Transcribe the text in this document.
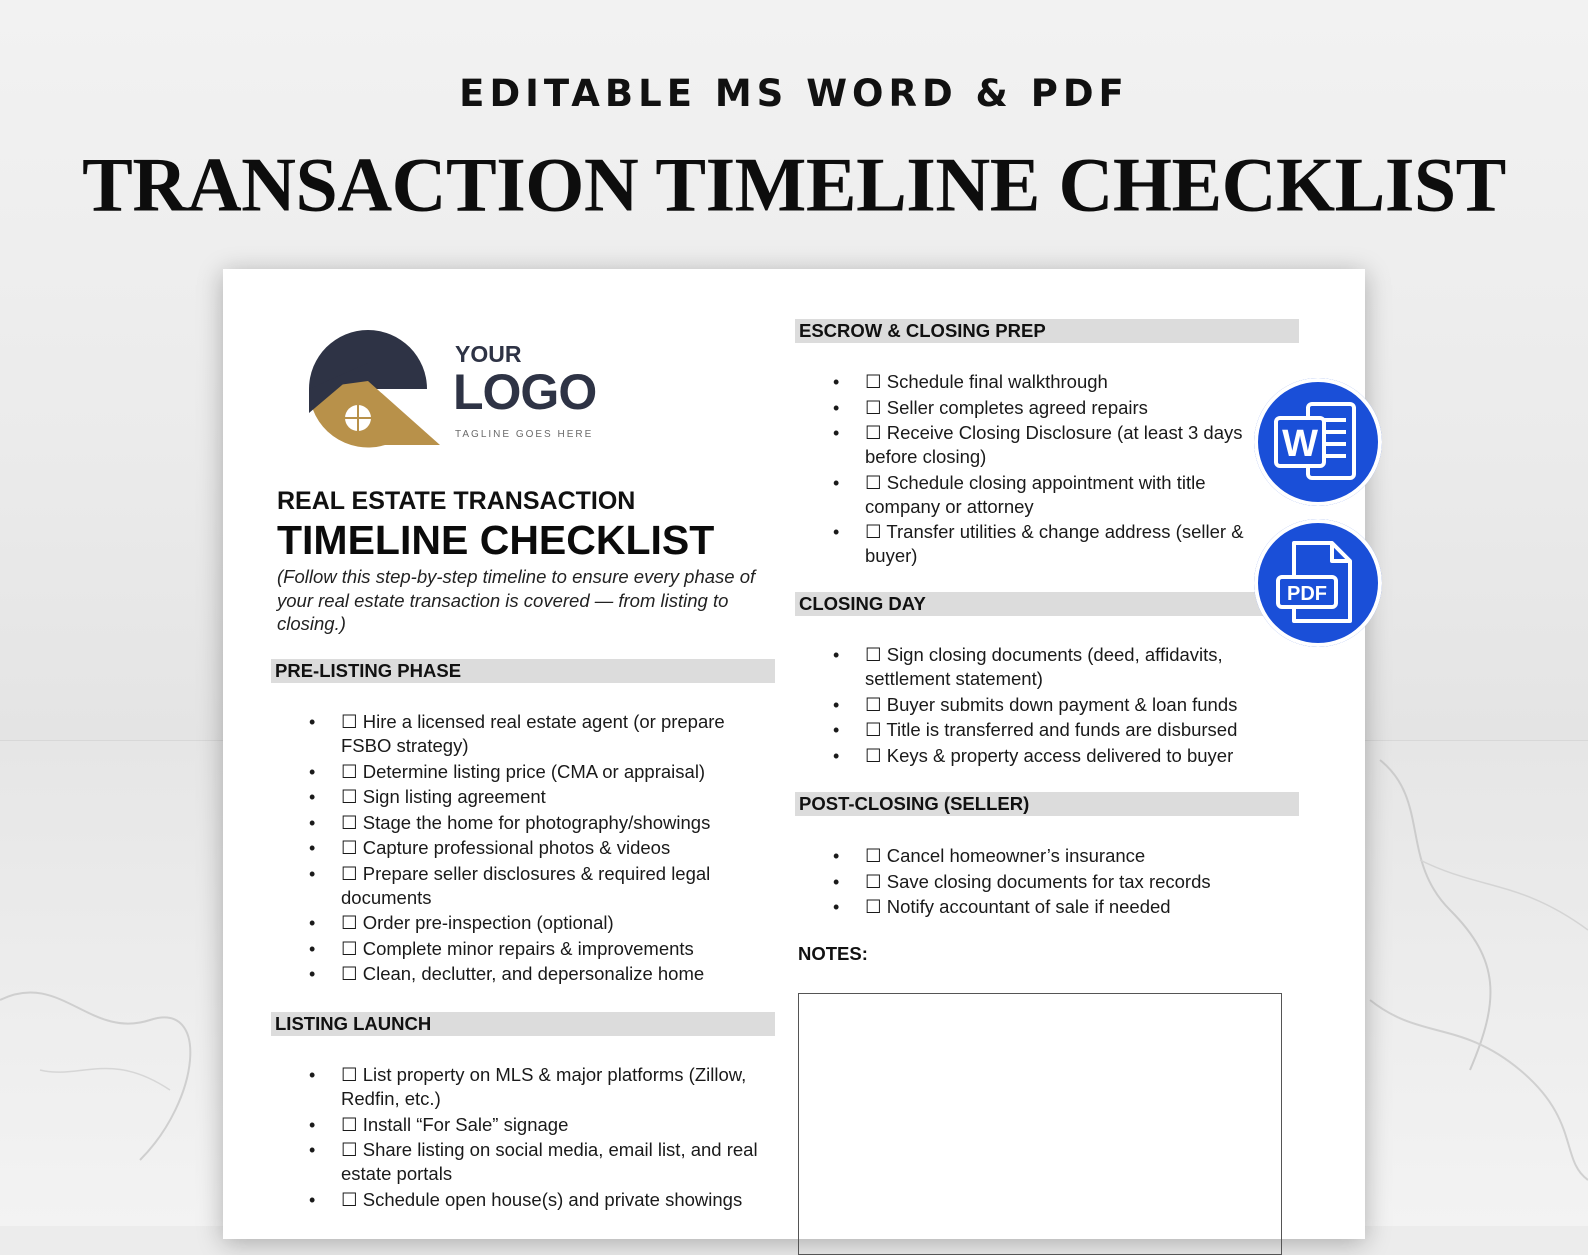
EDITABLE MS WORD & PDF
TRANSACTION TIMELINE CHECKLIST
YOUR
LOGO
TAGLINE GOES HERE
REAL ESTATE TRANSACTION
TIMELINE CHECKLIST
(Follow this step-by-step timeline to ensure every phase of your real estate transaction is covered — from listing to closing.)
PRE-LISTING PHASE
• ☐ Hire a licensed real estate agent (or prepare FSBO strategy)
• ☐ Determine listing price (CMA or appraisal)
• ☐ Sign listing agreement
• ☐ Stage the home for photography/showings
• ☐ Capture professional photos & videos
• ☐ Prepare seller disclosures & required legal documents
• ☐ Order pre-inspection (optional)
• ☐ Complete minor repairs & improvements
• ☐ Clean, declutter, and depersonalize home
LISTING LAUNCH
• ☐ List property on MLS & major platforms (Zillow, Redfin, etc.)
• ☐ Install “For Sale” signage
• ☐ Share listing on social media, email list, and real estate portals
• ☐ Schedule open house(s) and private showings
ESCROW & CLOSING PREP
• ☐ Schedule final walkthrough
• ☐ Seller completes agreed repairs
• ☐ Receive Closing Disclosure (at least 3 days before closing)
• ☐ Schedule closing appointment with title company or attorney
• ☐ Transfer utilities & change address (seller & buyer)
CLOSING DAY
• ☐ Sign closing documents (deed, affidavits, settlement statement)
• ☐ Buyer submits down payment & loan funds
• ☐ Title is transferred and funds are disbursed
• ☐ Keys & property access delivered to buyer
POST-CLOSING (SELLER)
• ☐ Cancel homeowner’s insurance
• ☐ Save closing documents for tax records
• ☐ Notify accountant of sale if needed
NOTES:
W
PDF
